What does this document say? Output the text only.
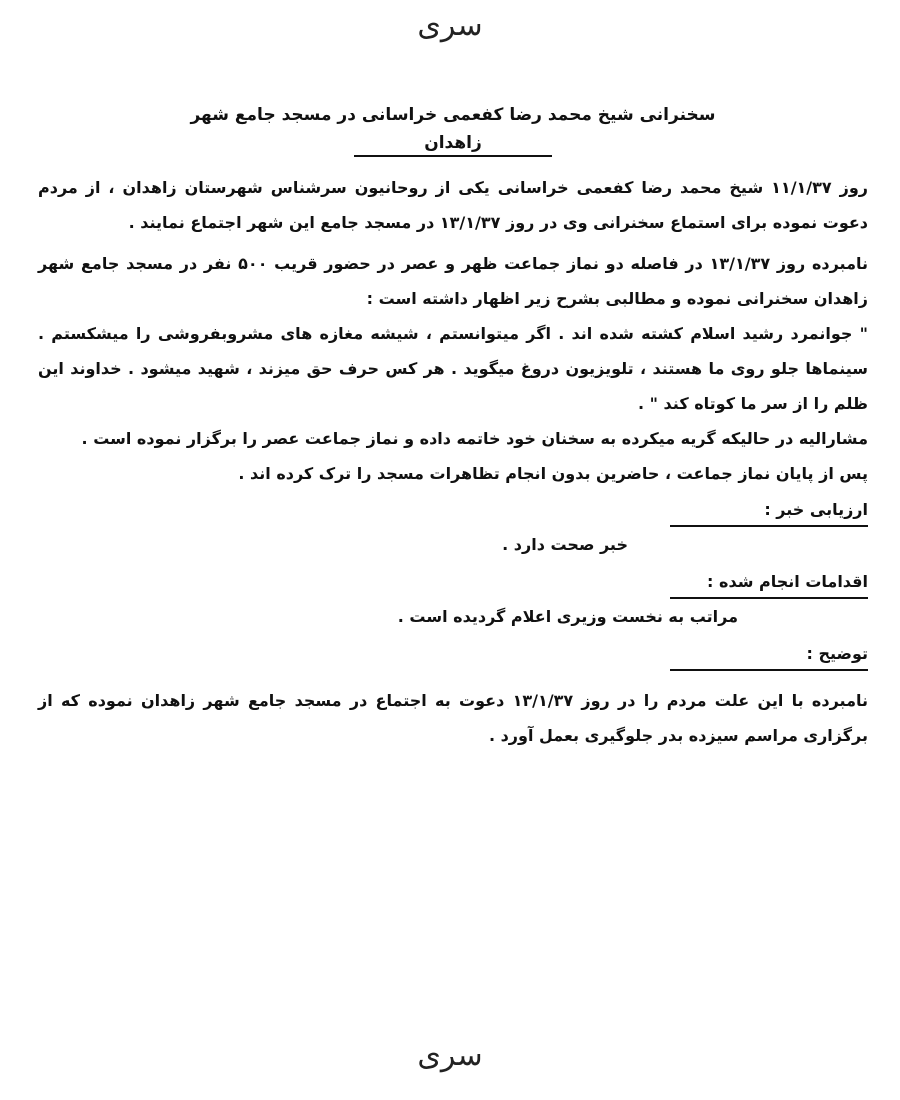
سری

سخنرانی شیخ محمد رضا کفعمی خراسانی در مسجد جامع شهر

زاهدان

روز ۱۱/۱/۳۷ شیخ محمد رضا کفعمی خراسانی یکی از روحانیون سرشناس شهرستان زاهدان ، از مردم دعوت نموده برای استماع سخنرانی وی در روز ۱۳/۱/۳۷ در مسجد جامع این شهر اجتماع نمایند .

نامبرده روز ۱۳/۱/۳۷ در فاصله دو نماز جماعت ظهر و عصر در حضور قریب ۵۰۰ نفر در مسجد جامع شهر زاهدان سخنرانی نموده و مطالبی بشرح زیر اظهار داشته است :

" جوانمرد رشید اسلام کشته شده اند . اگر میتوانستم ، شیشه مغازه های مشروبفروشی را میشکستم . سینماها جلو روی ما هستند ، تلویزیون دروغ میگوید . هر کس حرف حق میزند ، شهید میشود . خداوند این ظلم را از سر ما کوتاه کند " .

مشارالیه در حالیکه گریه میکرده به سخنان خود خاتمه داده و نماز جماعت عصر را برگزار نموده است .

پس از پایان نماز جماعت ، حاضرین بدون انجام تظاهرات مسجد را ترک کرده اند .

ارزیابی خبر :

خبر صحت دارد .

اقدامات انجام شده :

مراتب به نخست وزیری اعلام گردیده است .

توضیح :

نامبرده با این علت مردم را در روز ۱۳/۱/۳۷ دعوت به اجتماع در مسجد جامع شهر زاهدان نموده که از برگزاری مراسم سیزده بدر جلوگیری بعمل آورد .

سری
